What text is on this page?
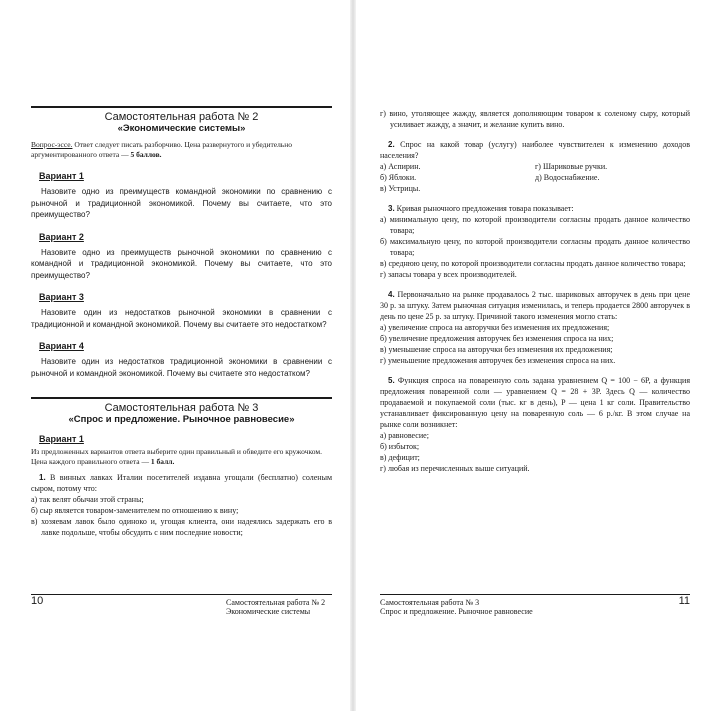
Самостоятельная работа № 2
«Экономические системы»
Вопрос-эссе. Ответ следует писать разборчиво. Цена развернутого и убедительно аргументированного ответа — 5 баллов.
Вариант 1
Назовите одно из преимуществ командной экономики по сравнению с рыночной и традиционной экономикой. Почему вы считаете, что это преимущество?
Вариант 2
Назовите одно из преимуществ рыночной экономики по сравнению с командной и традиционной экономикой. Почему вы считаете, что это преимущество?
Вариант 3
Назовите один из недостатков рыночной экономики в сравнении с традиционной и командной экономикой. Почему вы считаете это недостатком?
Вариант 4
Назовите один из недостатков традиционной экономики в сравнении с рыночной и командной экономикой. Почему вы считаете это недостатком?
Самостоятельная работа № 3
«Спрос и предложение. Рыночное равновесие»
Вариант 1
Из предложенных вариантов ответа выберите один правильный и обведите его кружочком. Цена каждого правильного ответа — 1 балл.
1. В винных лавках Италии посетителей издавна угощали (бесплатно) соленым сыром, потому что:
а) так велят обычаи этой страны;
б) сыр является товаром-заменителем по отношению к вину;
в) хозяевам лавок было одиноко и, угощая клиента, они надеялись задержать его в лавке подольше, чтобы обсудить с ним последние новости;
10	Самостоятельная работа № 2
Экономические системы
г) вино, утоляющее жажду, является дополняющим товаром к соленому сыру, который усиливает жажду, а значит, и желание купить вино.
2. Спрос на какой товар (услугу) наиболее чувствителен к изменению доходов населения?
а) Аспирин.	г) Шариковые ручки.
б) Яблоки.	д) Водоснабжение.
в) Устрицы.
3. Кривая рыночного предложения товара показывает:
а) минимальную цену, по которой производители согласны продать данное количество товара;
б) максимальную цену, по которой производители согласны продать данное количество товара;
в) среднюю цену, по которой производители согласны продать данное количество товара;
г) запасы товара у всех производителей.
4. Первоначально на рынке продавалось 2 тыс. шариковых авторучек в день при цене 30 р. за штуку. Затем рыночная ситуация изменилась, и теперь продается 2800 авторучек в день по цене 25 р. за штуку. Причиной такого изменения могло стать:
а) увеличение спроса на авторучки без изменения их предложения;
б) увеличение предложения авторучек без изменения спроса на них;
в) уменьшение спроса на авторучки без изменения их предложения;
г) уменьшение предложения авторучек без изменения спроса на них.
5. Функция спроса на поваренную соль задана уравнением Q = 100 − 6P, а функция предложения поваренной соли — уравнением Q = 28 + 3P. Здесь Q — количество продаваемой и покупаемой соли (тыс. кг в день), P — цена 1 кг соли. Правительство устанавливает фиксированную цену на поваренную соль — 6 р./кг. В этом случае на рынке соли возникнет:
а) равновесие;
б) избыток;
в) дефицит;
г) любая из перечисленных выше ситуаций.
Самостоятельная работа № 3
Спрос и предложение. Рыночное равновесие
11
